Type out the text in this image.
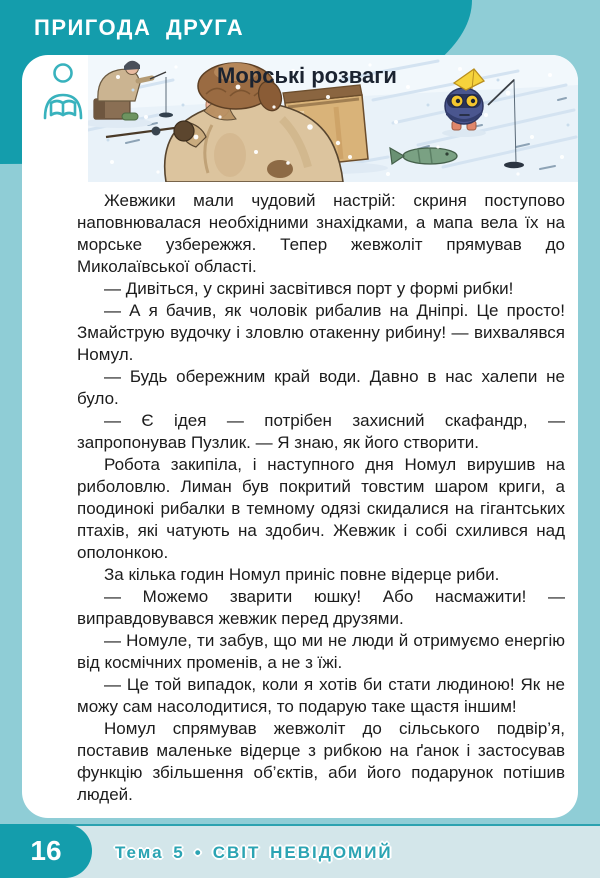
ПРИГОДА ДРУГА
Морські розваги

Жевжики мали чудовий настрій: скриня поступово наповнювалася необхідними знахідками, а мапа вела їх на морське узбережжя. Тепер жевжоліт прямував до Миколаївської області.

— Дивіться, у скрині засвітився порт у формі рибки!

— А я бачив, як чоловік рибалив на Дніпрі. Це просто! Змайструю вудочку і зловлю отакенну рибину! — вихвалявся Номул.

— Будь обережним край води. Давно в нас халепи не було.

— Є ідея — потрібен захисний скафандр, — запропонував Пузлик. — Я знаю, як його створити.

Робота закипіла, і наступного дня Номул вирушив на риболовлю. Лиман був покритий товстим шаром криги, а поодинокі рибалки в темному одязі скидалися на гігантських птахів, які чатують на здобич. Жевжик і собі схилився над ополонкою.

За кілька годин Номул приніс повне відерце риби.

— Можемо зварити юшку! Або насмажити! — виправдовувався жевжик перед друзями.

— Номуле, ти забув, що ми не люди й отримуємо енергію від космічних променів, а не з їжі.

— Це той випадок, коли я хотів би стати людиною! Як не можу сам насолодитися, то подарую таке щастя іншим!

Номул спрямував жевжоліт до сільського подвір’я, поставив маленьке відерце з рибкою на ґанок і застосував функцію збільшення об’єктів, аби його подарунок потішив людей.

16	Тема 5 • СВІТ НЕВІДОМИЙ
